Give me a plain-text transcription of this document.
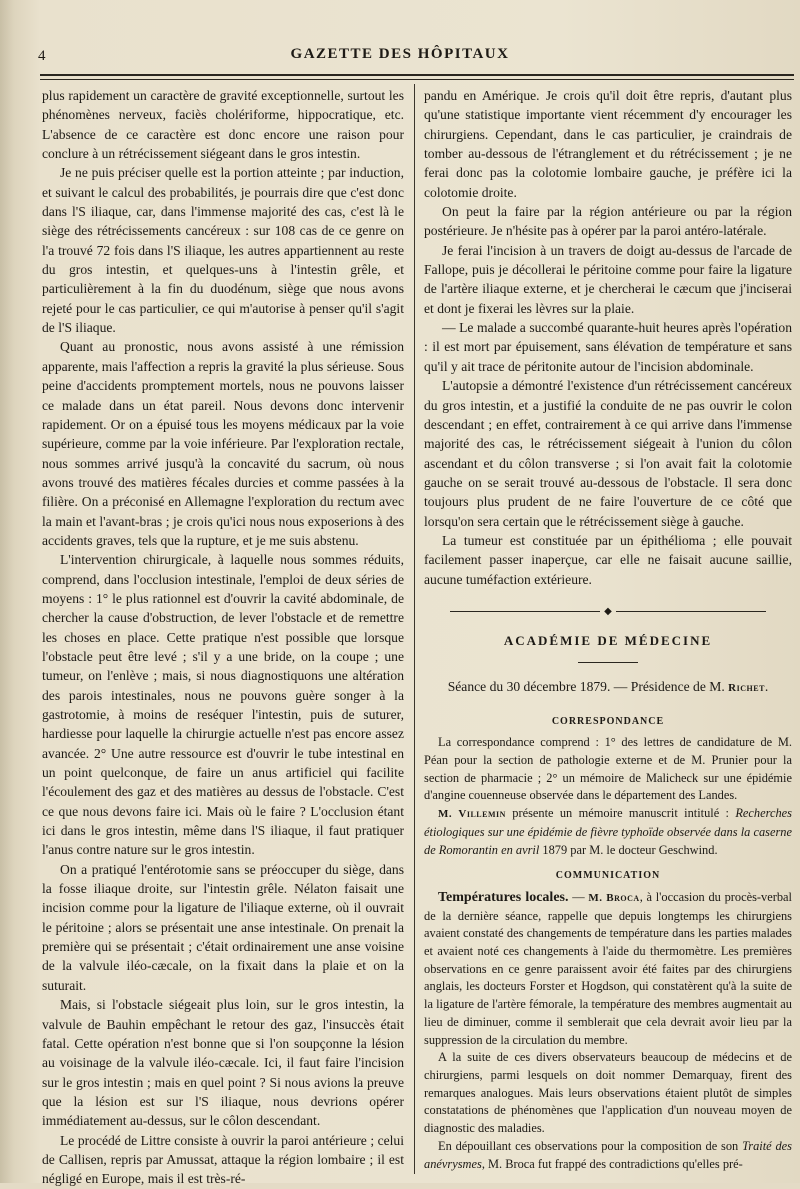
4	GAZETTE DES HÔPITAUX

plus rapidement un caractère de gravité exceptionnelle, surtout les phénomènes nerveux, faciès cholériforme, hippocratique, etc. L'absence de ce caractère est donc encore une raison pour conclure à un rétrécissement siégeant dans le gros intestin.

Je ne puis préciser quelle est la portion atteinte ; par induction, et suivant le calcul des probabilités, je pourrais dire que c'est donc dans l'S iliaque, car, dans l'immense majorité des cas, c'est là le siège des rétrécissements cancéreux : sur 108 cas de ce genre on l'a trouvé 72 fois dans l'S iliaque, les autres appartiennent au reste du gros intestin, et quelques-uns à l'intestin grêle, et particulièrement à la fin du duodénum, siège que nous avons rejeté pour le cas particulier, ce qui m'autorise à penser qu'il s'agit de l'S iliaque.

Quant au pronostic, nous avons assisté à une rémission apparente, mais l'affection a repris la gravité la plus sérieuse. Sous peine d'accidents promptement mortels, nous ne pouvons laisser ce malade dans un état pareil. Nous devons donc intervenir rapidement. Or on a épuisé tous les moyens médicaux par la voie supérieure, comme par la voie inférieure. Par l'exploration rectale, nous sommes arrivé jusqu'à la concavité du sacrum, où nous avons trouvé des matières fécales durcies et comme passées à la filière. On a préconisé en Allemagne l'exploration du rectum avec la main et l'avant-bras ; je crois qu'ici nous nous exposerions à des accidents graves, tels que la rupture, et je me suis abstenu.

L'intervention chirurgicale, à laquelle nous sommes réduits, comprend, dans l'occlusion intestinale, l'emploi de deux séries de moyens : 1° le plus rationnel est d'ouvrir la cavité abdominale, de chercher la cause d'obstruction, de lever l'obstacle et de remettre les choses en place. Cette pratique n'est possible que lorsque l'obstacle peut être levé ; s'il y a une bride, on la coupe ; une tumeur, on l'enlève ; mais, si nous diagnostiquons une altération des parois intestinales, nous ne pouvons guère songer à la gastrotomie, à moins de reséquer l'intestin, puis de suturer, hardiesse pour laquelle la chirurgie actuelle n'est pas encore assez avancée. 2° Une autre ressource est d'ouvrir le tube intestinal en un point quelconque, de faire un anus artificiel qui facilite l'écoulement des gaz et des matières au dessus de l'obstacle. C'est ce que nous devons faire ici. Mais où le faire ? L'occlusion étant ici dans le gros intestin, même dans l'S iliaque, il faut pratiquer l'anus contre nature sur le gros intestin.

On a pratiqué l'entérotomie sans se préoccuper du siège, dans la fosse iliaque droite, sur l'intestin grêle. Nélaton faisait une incision comme pour la ligature de l'iliaque externe, où il ouvrait le péritoine ; alors se présentait une anse intestinale. On prenait la première qui se présentait ; c'était ordinairement une anse voisine de la valvule iléo-cæcale, on la fixait dans la plaie et on la suturait.

Mais, si l'obstacle siégeait plus loin, sur le gros intestin, la valvule de Bauhin empêchant le retour des gaz, l'insuccès était fatal. Cette opération n'est bonne que si l'on soupçonne la lésion au voisinage de la valvule iléo-cæcale. Ici, il faut faire l'incision sur le gros intestin ; mais en quel point ? Si nous avions la preuve que la lésion est sur l'S iliaque, nous devrions opérer immédiatement au-dessus, sur le côlon descendant.

Le procédé de Littre consiste à ouvrir la paroi antérieure ; celui de Callisen, repris par Amussat, attaque la région lombaire ; il est négligé en Europe, mais il est très-ré-

pandu en Amérique. Je crois qu'il doit être repris, d'autant plus qu'une statistique importante vient récemment d'y encourager les chirurgiens. Cependant, dans le cas particulier, je craindrais de tomber au-dessous de l'étranglement et du rétrécissement ; je ne ferai donc pas la colotomie lombaire gauche, je préfère ici la colotomie droite.

On peut la faire par la région antérieure ou par la région postérieure. Je n'hésite pas à opérer par la paroi antéro-latérale.

Je ferai l'incision à un travers de doigt au-dessus de l'arcade de Fallope, puis je décollerai le péritoine comme pour faire la ligature de l'artère iliaque externe, et je chercherai le cæcum que j'inciserai et dont je fixerai les lèvres sur la plaie.

— Le malade a succombé quarante-huit heures après l'opération : il est mort par épuisement, sans élévation de température et sans qu'il y ait trace de péritonite autour de l'incision abdominale.

L'autopsie a démontré l'existence d'un rétrécissement cancéreux du gros intestin, et a justifié la conduite de ne pas ouvrir le colon descendant ; en effet, contrairement à ce qui arrive dans l'immense majorité des cas, le rétrécissement siégeait à l'union du côlon ascendant et du côlon transverse ; si l'on avait fait la colotomie gauche on se serait trouvé au-dessous de l'obstacle. Il sera donc toujours plus prudent de ne faire l'ouverture de ce côté que lorsqu'on sera certain que le rétrécissement siège à gauche.

La tumeur est constituée par un épithélioma ; elle pouvait facilement passer inaperçue, car elle ne faisait aucune saillie, aucune tuméfaction extérieure.

◆
ACADÉMIE DE MÉDECINE
Séance du 30 décembre 1879. — Présidence de M. Richet.
CORRESPONDANCE

La correspondance comprend : 1° des lettres de candidature de M. Péan pour la section de pathologie externe et de M. Prunier pour la section de pharmacie ; 2° un mémoire de Malicheck sur une épidémie d'angine couenneuse observée dans le département des Landes.

M. Villemin présente un mémoire manuscrit intitulé : Recherches étiologiques sur une épidémie de fièvre typhoïde observée dans la caserne de Romorantin en avril 1879 par M. le docteur Geschwind.

COMMUNICATION

Températures locales. — M. Broca, à l'occasion du procès-verbal de la dernière séance, rappelle que depuis longtemps les chirurgiens avaient constaté des changements de température dans les parties malades et avaient noté ces changements à l'aide du thermomètre. Les premières observations en ce genre paraissent avoir été faites par des chirurgiens anglais, les docteurs Forster et Hogdson, qui constatèrent qu'à la suite de la ligature de l'artère fémorale, la température des membres augmentait au lieu de diminuer, comme il semblerait que cela devrait avoir lieu par la suppression de la circulation du membre.

A la suite de ces divers observateurs beaucoup de médecins et de chirurgiens, parmi lesquels on doit nommer Demarquay, firent des remarques analogues. Mais leurs observations étaient plutôt de simples constatations de phénomènes que l'application d'un nouveau moyen de diagnostic des maladies.

En dépouillant ces observations pour la composition de son Traité des anévrysmes, M. Broca fut frappé des contradictions qu'elles pré-
